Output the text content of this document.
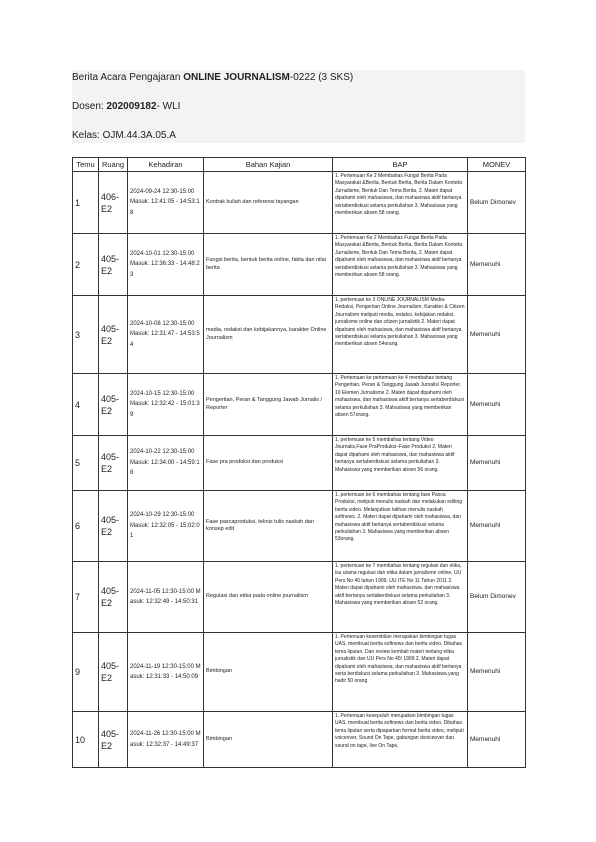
Berita Acara Pengajaran ONLINE JOURNALISM-0222 (3 SKS)
Dosen: 202009182- WLI
Kelas: OJM.44.3A.05.A
Temu	Ruang	Kehadiran	Bahan Kajian	BAP	MONEV
1	406-E2	2024-09-24 12:30-15:00 Masuk: 12:41:05 - 14:53:18	Kontrak kuliah dan referensi tayangan	1. Pertemuan Ke 2 Membahas Fungsi Berita Pada Masyarakat &Berita, Bentuk Berita, Berita Dalam Konteks Jurnalisme, Bentuk Dan Tema Berita, 2. Materi dapat dipahami oleh mahasiswa, dan mahasiswa aktif bertanya sertaberdiskusi selama perkuliahan 3. Mahasiswa yang memberikan absen 58 orang.	Belum Dimonev
2	405-E2	2024-10-01 12:30-15:00 Masuk: 12:36:33 - 14:48:23	Fungsi berita, bentuk berita online, fakta dan nilai berita	1. Pertemuan Ke 2 Membahas Fungsi Berita Pada Masyarakat &Berita, Bentuk Berita, Berita Dalam Konteks Jurnalisme, Bentuk Dan Tema Berita, 2. Materi dapat dipahami oleh mahasiswa, dan mahasiswa aktif bertanya sertaberdiskusi selama perkuliahan 3. Mahasiswa yang memberikan absen 58 orang.	Memenuhi
3	405-E2	2024-10-08 12:30-15:00 Masuk: 12:31:47 - 14:53:54	media, redaksi dan kebijakannya, karakter Online Journalism	1. pertemuan ke 3 ONLINE JOURNALISM Media-Redaksi, Pengertian Online Journalism, Karakter & Citizen Journalism meliputi media, redaksi, kebijakan redaksi, jurnalisme online dan citizen jurnalistik 2. Materi dapat dipahami oleh mahasiswa, dan mahasiswa aktif bertanya sertaberdiskusi selama perkuliahan 3. Mahasiswa yang memberikan absen 54orang.	Memenuhi
4	405-E2	2024-10-15 12:30-15:00 Masuk: 12:32:42 - 15:01:39	Pengertian, Peran & Tanggung Jawab Jurnalis / Reporter	1. Pertemuan ke pertemuan ke 4 membahas tentang Pengertian, Peran & Tanggung Jawab Jurnalis/ Reporter, 10 Elemen Jurnalisme 2. Materi dapat dipahami oleh mahasiswa, dan mahasiswa aktif bertanya sertaberdiskusi selama perkuliahan 3. Mahasiswa yang memberikan absen 57orang.	Memenuhi
5	405-E2	2024-10-22 12:30-15:00 Masuk: 12:34:00 - 14:59:18	Fase pra produksi dan produksi	1. pertemuan ke 5 membahas tentang Video Journalis,Fase PraProduksi–Fase Produksi 2. Materi dapat dipahami oleh mahasiswa, dan mahasiswa aktif bertanya sertaberdiskusi selama perkuliahan 3. Mahasiswa yang memberikan absen 56 orang.	Memenuhi
6	405-E2	2024-10-29 12:30-15:00 Masuk: 12:32:05 - 15:02:01	Fase pascaproduksi, teknis tulis naskah dan konsep edit	1. pertemuan ke 6 membahas tentang fase Pasca Produksi, meliputi menulis naskah dan melakukan editing berita video. Melanjutkan latihan menulis naskah softnews. 2. Materi dapat dipahami oleh mahasiswa, dan mahasiswa aktif bertanya sertaberdiskusi selama perkuliahan 3. Mahasiswa yang memberikan absen 53orang.	Memenuhi
7	405-E2	2024-11-05 12:30-15:00 Masuk: 12:32:49 - 14:50:31	Regulasi dan etika pada online journalism	1. pertemuan ke 7 membahas tentang regulasi dan etika, isu utama regulasi dan etika dalam jurnalisme online, UU Pers No 40 tahun 1999, UU ITE No 11 Tahun 2011 2. Materi dapat dipahami oleh mahasiswa, dan mahasiswa aktif bertanya sertaberdiskusi selama perkuliahan 3. Mahasiswa yang memberikan absen 52 orang.	Belum Dimonev
9	405-E2	2024-11-19 12:30-15:00 Masuk: 12:31:33 - 14:50:09	Bimbingan	1. Pertemuan kesembilan merupakan bimbingan tugas UAS, membuat berita softnews dan berita video. Dibahas tema liputan. Dan review kembali materi tentang etika jurnalistik dan UU Pers No 40/ 1999 2. Materi dapat dipahami oleh mahasiswa, dan mahasiswa aktif bertanya serta berdiskusi selama perkuliahan 3. Mahasiswa yang hadir 50 orang	Memenuhi
10	405-E2	2024-11-26 12:30-15:00 Masuk: 12:32:37 - 14:49:37	Bimbingan	1. Pertemuan kesepuluh merupakan bimbingan tugas UAS, membuat berita softnews dan berita video. Dibahas tema liputan serta dipaparkan format berita video, meliputi voiceover, Sound On Tape, gabungan dvoiceover dan sound on tape, live On Tape,	Memenuhi
